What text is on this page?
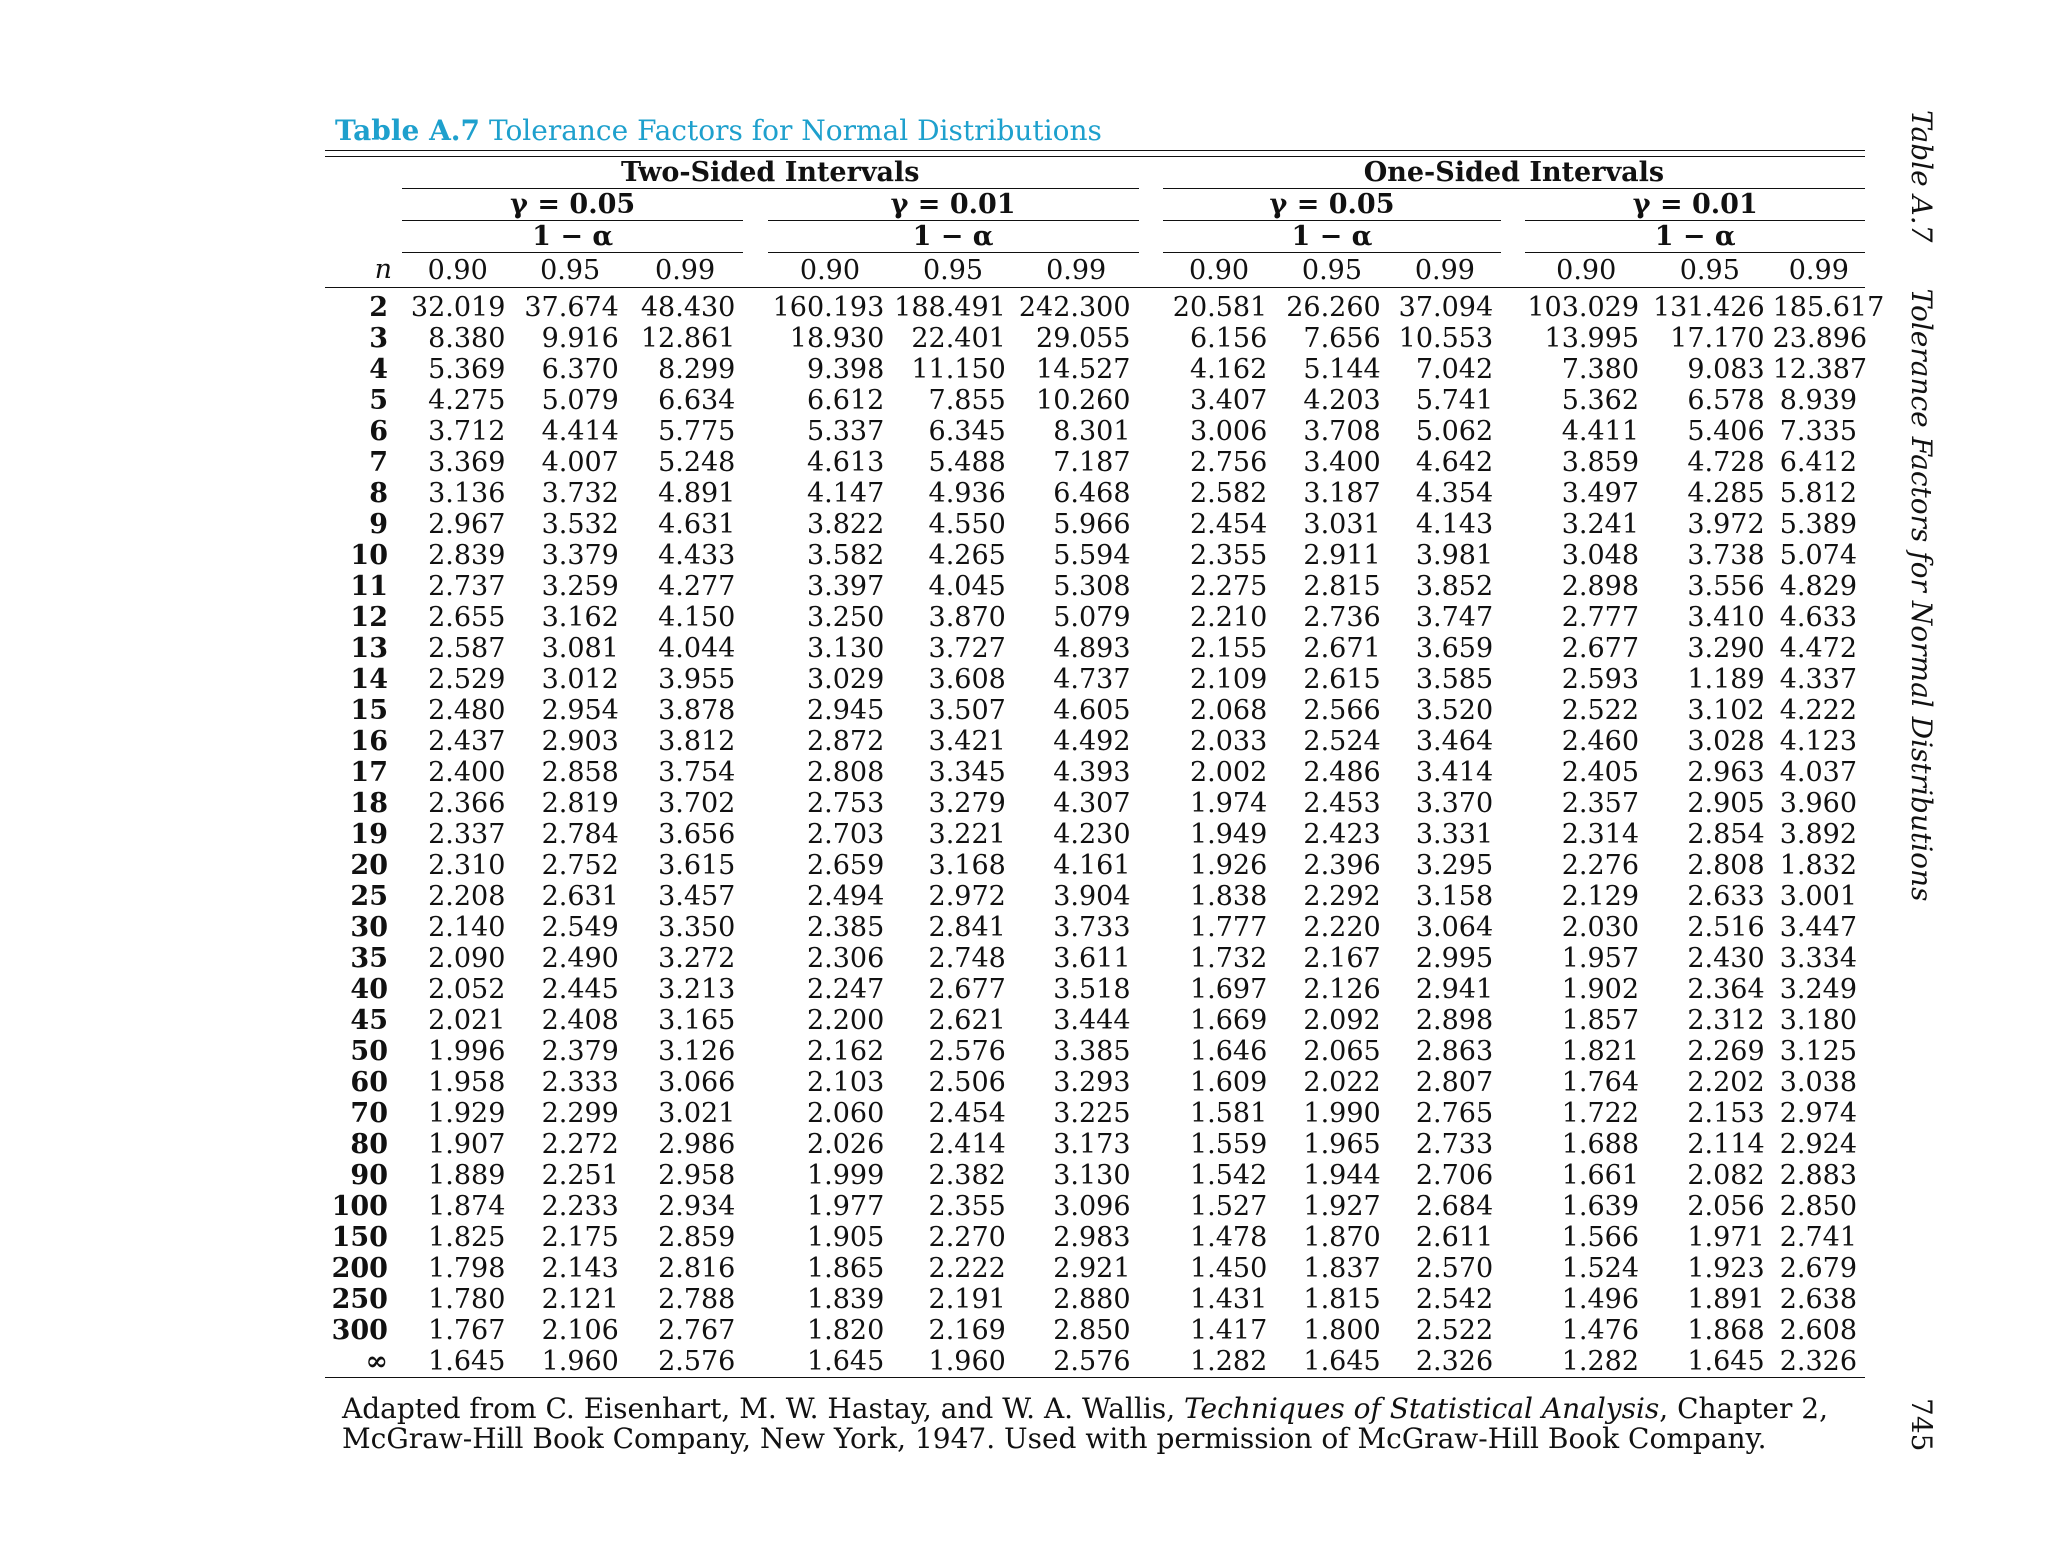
Table A.7 Tolerance Factors for Normal Distributions
	Two-Sided Intervals								One-Sided Intervals						
	γ = 0.05				γ = 0.01				γ = 0.05				γ = 0.01		
	1 − α				1 − α				1 − α				1 − α		
n	0.90	0.95	0.99		0.90	0.95	0.99		0.90	0.95	0.99		0.90	0.95	0.99
2	32.019	37.674	48.430		160.193	188.491	242.300		20.581	26.260	37.094		103.029	131.426	185.617
3	8.380	9.916	12.861		18.930	22.401	29.055		6.156	7.656	10.553		13.995	17.170	23.896
4	5.369	6.370	8.299		9.398	11.150	14.527		4.162	5.144	7.042		7.380	9.083	12.387
5	4.275	5.079	6.634		6.612	7.855	10.260		3.407	4.203	5.741		5.362	6.578	8.939
6	3.712	4.414	5.775		5.337	6.345	8.301		3.006	3.708	5.062		4.411	5.406	7.335
7	3.369	4.007	5.248		4.613	5.488	7.187		2.756	3.400	4.642		3.859	4.728	6.412
8	3.136	3.732	4.891		4.147	4.936	6.468		2.582	3.187	4.354		3.497	4.285	5.812
9	2.967	3.532	4.631		3.822	4.550	5.966		2.454	3.031	4.143		3.241	3.972	5.389
10	2.839	3.379	4.433		3.582	4.265	5.594		2.355	2.911	3.981		3.048	3.738	5.074
11	2.737	3.259	4.277		3.397	4.045	5.308		2.275	2.815	3.852		2.898	3.556	4.829
12	2.655	3.162	4.150		3.250	3.870	5.079		2.210	2.736	3.747		2.777	3.410	4.633
13	2.587	3.081	4.044		3.130	3.727	4.893		2.155	2.671	3.659		2.677	3.290	4.472
14	2.529	3.012	3.955		3.029	3.608	4.737		2.109	2.615	3.585		2.593	1.189	4.337
15	2.480	2.954	3.878		2.945	3.507	4.605		2.068	2.566	3.520		2.522	3.102	4.222
16	2.437	2.903	3.812		2.872	3.421	4.492		2.033	2.524	3.464		2.460	3.028	4.123
17	2.400	2.858	3.754		2.808	3.345	4.393		2.002	2.486	3.414		2.405	2.963	4.037
18	2.366	2.819	3.702		2.753	3.279	4.307		1.974	2.453	3.370		2.357	2.905	3.960
19	2.337	2.784	3.656		2.703	3.221	4.230		1.949	2.423	3.331		2.314	2.854	3.892
20	2.310	2.752	3.615		2.659	3.168	4.161		1.926	2.396	3.295		2.276	2.808	1.832
25	2.208	2.631	3.457		2.494	2.972	3.904		1.838	2.292	3.158		2.129	2.633	3.001
30	2.140	2.549	3.350		2.385	2.841	3.733		1.777	2.220	3.064		2.030	2.516	3.447
35	2.090	2.490	3.272		2.306	2.748	3.611		1.732	2.167	2.995		1.957	2.430	3.334
40	2.052	2.445	3.213		2.247	2.677	3.518		1.697	2.126	2.941		1.902	2.364	3.249
45	2.021	2.408	3.165		2.200	2.621	3.444		1.669	2.092	2.898		1.857	2.312	3.180
50	1.996	2.379	3.126		2.162	2.576	3.385		1.646	2.065	2.863		1.821	2.269	3.125
60	1.958	2.333	3.066		2.103	2.506	3.293		1.609	2.022	2.807		1.764	2.202	3.038
70	1.929	2.299	3.021		2.060	2.454	3.225		1.581	1.990	2.765		1.722	2.153	2.974
80	1.907	2.272	2.986		2.026	2.414	3.173		1.559	1.965	2.733		1.688	2.114	2.924
90	1.889	2.251	2.958		1.999	2.382	3.130		1.542	1.944	2.706		1.661	2.082	2.883
100	1.874	2.233	2.934		1.977	2.355	3.096		1.527	1.927	2.684		1.639	2.056	2.850
150	1.825	2.175	2.859		1.905	2.270	2.983		1.478	1.870	2.611		1.566	1.971	2.741
200	1.798	2.143	2.816		1.865	2.222	2.921		1.450	1.837	2.570		1.524	1.923	2.679
250	1.780	2.121	2.788		1.839	2.191	2.880		1.431	1.815	2.542		1.496	1.891	2.638
300	1.767	2.106	2.767		1.820	2.169	2.850		1.417	1.800	2.522		1.476	1.868	2.608
∞	1.645	1.960	2.576		1.645	1.960	2.576		1.282	1.645	2.326		1.282	1.645	2.326
Adapted from C. Eisenhart, M. W. Hastay, and W. A. Wallis, Techniques of Statistical Analysis, Chapter 2, McGraw-Hill Book Company, New York, 1947. Used with permission of McGraw-Hill Book Company.
Table A.7Tolerance Factors for Normal Distributions
745
